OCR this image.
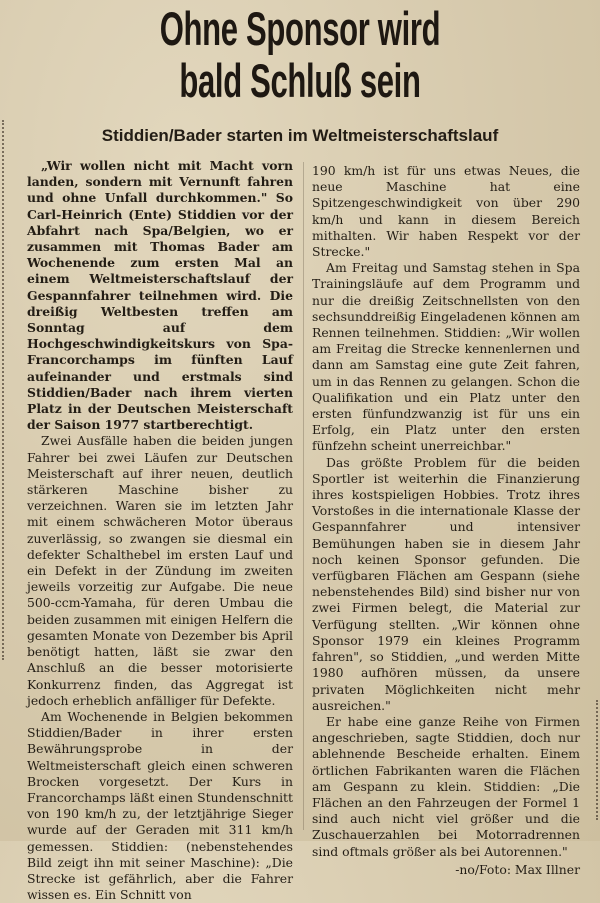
Ohne Sponsor wird
bald Schluß sein
Stiddien/Bader starten im Weltmeisterschaftslauf

„Wir wollen nicht mit Macht vorn landen, sondern mit Vernunft fahren und ohne Unfall durchkommen." So Carl-Heinrich (Ente) Stiddien vor der Abfahrt nach Spa/Belgien, wo er zusammen mit Thomas Bader am Wochenende zum ersten Mal an einem Weltmeisterschaftslauf der Gespannfahrer teilnehmen wird. Die dreißig Weltbesten treffen am Sonntag auf dem Hochgeschwindigkeitskurs von Spa-Francorchamps im fünften Lauf aufeinander und erstmals sind Stiddien/Bader nach ihrem vierten Platz in der Deutschen Meisterschaft der Saison 1977 startberechtigt.

Zwei Ausfälle haben die beiden jungen Fahrer bei zwei Läufen zur Deutschen Meisterschaft auf ihrer neuen, deutlich stärkeren Maschine bisher zu verzeichnen. Waren sie im letzten Jahr mit einem schwächeren Motor überaus zuverlässig, so zwangen sie diesmal ein defekter Schalthebel im ersten Lauf und ein Defekt in der Zündung im zweiten jeweils vorzeitig zur Aufgabe. Die neue 500-ccm-Yamaha, für deren Umbau die beiden zusammen mit einigen Helfern die gesamten Monate von Dezember bis April benötigt hatten, läßt sie zwar den Anschluß an die besser motorisierte Konkurrenz finden, das Aggregat ist jedoch erheblich anfälliger für Defekte.

Am Wochenende in Belgien bekommen Stiddien/Bader in ihrer ersten Bewährungsprobe in der Weltmeisterschaft gleich einen schweren Brocken vorgesetzt. Der Kurs in Francorchamps läßt einen Stundenschnitt von 190 km/h zu, der letztjährige Sieger wurde auf der Geraden mit 311 km/h gemessen. Stiddien: (nebenstehendes Bild zeigt ihn mit seiner Maschine): „Die Strecke ist gefährlich, aber die Fahrer wissen es. Ein Schnitt von

190 km/h ist für uns etwas Neues, die neue Maschine hat eine Spitzengeschwindigkeit von über 290 km/h und kann in diesem Bereich mithalten. Wir haben Respekt vor der Strecke."

Am Freitag und Samstag stehen in Spa Trainingsläufe auf dem Programm und nur die dreißig Zeitschnellsten von den sechsunddreißig Eingeladenen können am Rennen teilnehmen. Stiddien: „Wir wollen am Freitag die Strecke kennenlernen und dann am Samstag eine gute Zeit fahren, um in das Rennen zu gelangen. Schon die Qualifikation und ein Platz unter den ersten fünfundzwanzig ist für uns ein Erfolg, ein Platz unter den ersten fünfzehn scheint unerreichbar."

Das größte Problem für die beiden Sportler ist weiterhin die Finanzierung ihres kostspieligen Hobbies. Trotz ihres Vorstoßes in die internationale Klasse der Gespannfahrer und intensiver Bemühungen haben sie in diesem Jahr noch keinen Sponsor gefunden. Die verfügbaren Flächen am Gespann (siehe nebenstehendes Bild) sind bisher nur von zwei Firmen belegt, die Material zur Verfügung stellten. „Wir können ohne Sponsor 1979 ein kleines Programm fahren", so Stiddien, „und werden Mitte 1980 aufhören müssen, da unsere privaten Möglichkeiten nicht mehr ausreichen."

Er habe eine ganze Reihe von Firmen angeschrieben, sagte Stiddien, doch nur ablehnende Bescheide erhalten. Einem örtlichen Fabrikanten waren die Flächen am Gespann zu klein. Stiddien: „Die Flächen an den Fahrzeugen der Formel 1 sind auch nicht viel größer und die Zuschauerzahlen bei Motorradrennen sind oftmals größer als bei Autorennen."

-no/Foto: Max Illner
